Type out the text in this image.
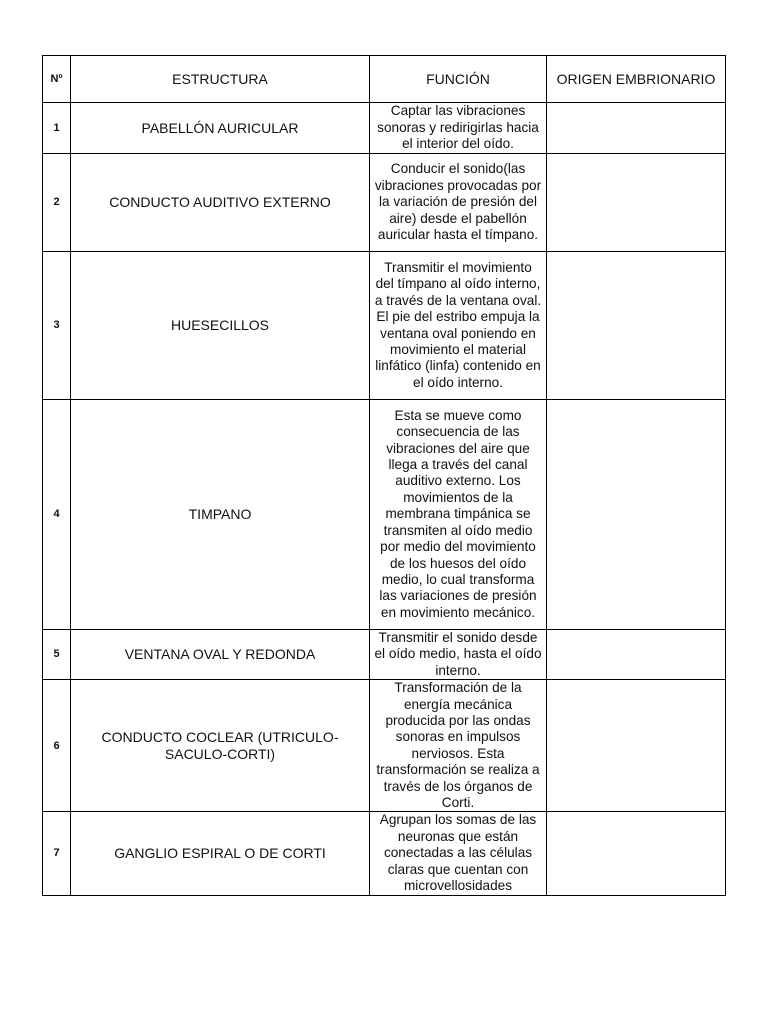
Nº	ESTRUCTURA	FUNCIÓN	ORIGEN EMBRIONARIO
1	PABELLÓN AURICULAR	Captar las vibraciones sonoras y redirigirlas hacia el interior del oído.	
2	CONDUCTO AUDITIVO EXTERNO	Conducir el sonido(las vibraciones provocadas por la variación de presión del aire) desde el pabellón auricular hasta el tímpano.	
3	HUESECILLOS	Transmitir el movimiento del tímpano al oído interno, a través de la ventana oval. El pie del estribo empuja la ventana oval poniendo en movimiento el material linfático (linfa) contenido en el oído interno.	
4	TIMPANO	Esta se mueve como consecuencia de las vibraciones del aire que llega a través del canal auditivo externo. Los movimientos de la membrana timpánica se transmiten al oído medio por medio del movimiento de los huesos del oído medio, lo cual transforma las variaciones de presión en movimiento mecánico.	
5	VENTANA OVAL Y REDONDA	Transmitir el sonido desde el oído medio, hasta el oído interno.	
6	CONDUCTO COCLEAR (UTRICULO-SACULO-CORTI)	Transformación de la energía mecánica producida por las ondas sonoras en impulsos nerviosos. Esta transformación se realiza a través de los órganos de Corti.	
7	GANGLIO ESPIRAL O DE CORTI	Agrupan los somas de las neuronas que están conectadas a las células claras que cuentan con microvellosidades	
